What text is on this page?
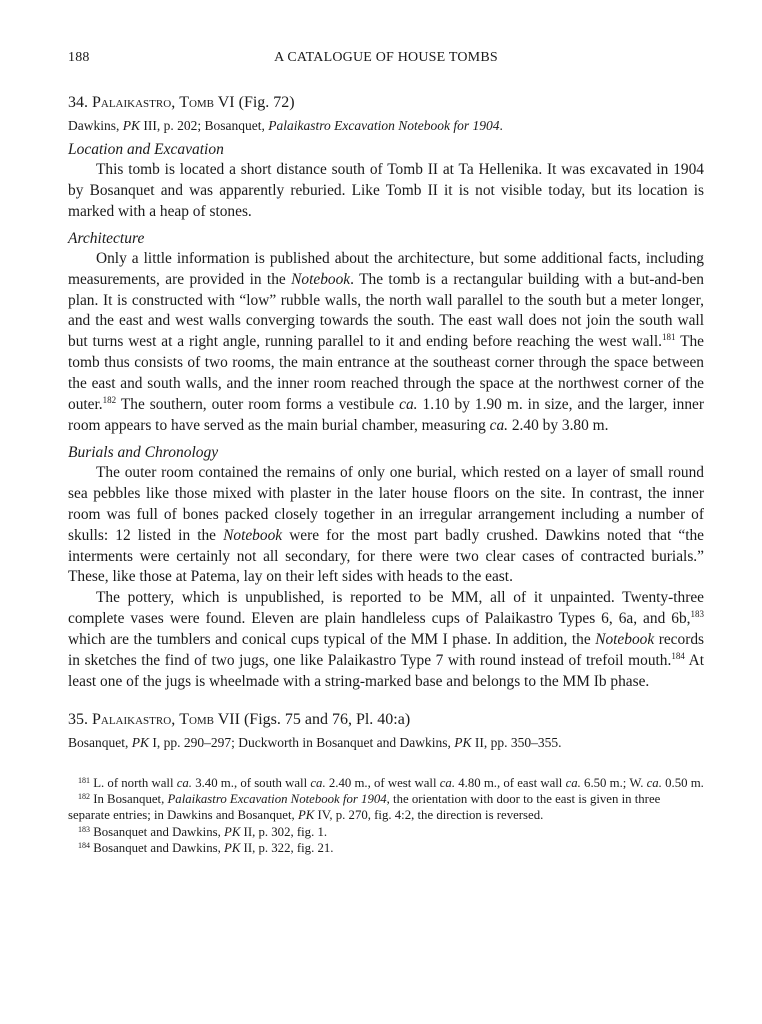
188	A CATALOGUE OF HOUSE TOMBS
34. Palaikastro, Tomb VI (Fig. 72)
Dawkins, PK III, p. 202; Bosanquet, Palaikastro Excavation Notebook for 1904.
Location and Excavation

This tomb is located a short distance south of Tomb II at Ta Hellenika. It was excavated in 1904 by Bosanquet and was apparently reburied. Like Tomb II it is not visible today, but its location is marked with a heap of stones.

Architecture

Only a little information is published about the architecture, but some additional facts, including measurements, are provided in the Notebook. The tomb is a rectangular building with a but-and-ben plan. It is constructed with “low” rubble walls, the north wall parallel to the south but a meter longer, and the east and west walls converging towards the south. The east wall does not join the south wall but turns west at a right angle, running parallel to it and ending before reaching the west wall.$^{181}$ The tomb thus consists of two rooms, the main entrance at the southeast corner through the space between the east and south walls, and the inner room reached through the space at the northwest corner of the outer.$^{182}$ The southern, outer room forms a vestibule ca. 1.10 by 1.90 m. in size, and the larger, inner room appears to have served as the main burial chamber, measuring ca. 2.40 by 3.80 m.

Burials and Chronology

The outer room contained the remains of only one burial, which rested on a layer of small round sea pebbles like those mixed with plaster in the later house floors on the site. In contrast, the inner room was full of bones packed closely together in an irregular arrangement including a number of skulls: 12 listed in the Notebook were for the most part badly crushed. Dawkins noted that “the interments were certainly not all secondary, for there were two clear cases of contracted burials.” These, like those at Patema, lay on their left sides with heads to the east.

The pottery, which is unpublished, is reported to be MM, all of it unpainted. Twenty-three complete vases were found. Eleven are plain handleless cups of Palaikastro Types 6, 6a, and 6b,$^{183}$ which are the tumblers and conical cups typical of the MM I phase. In addition, the Notebook records in sketches the find of two jugs, one like Palaikastro Type 7 with round instead of trefoil mouth.$^{184}$ At least one of the jugs is wheelmade with a string-marked base and belongs to the MM Ib phase.

35. Palaikastro, Tomb VII (Figs. 75 and 76, Pl. 40:a)
Bosanquet, PK I, pp. 290–297; Duckworth in Bosanquet and Dawkins, PK II, pp. 350–355.

$^{181}$ L. of north wall ca. 3.40 m., of south wall ca. 2.40 m., of west wall ca. 4.80 m., of east wall ca. 6.50 m.; W. ca. 0.50 m.

$^{182}$ In Bosanquet, Palaikastro Excavation Notebook for 1904, the orientation with door to the east is given in three separate entries; in Dawkins and Bosanquet, PK IV, p. 270, fig. 4:2, the direction is reversed.

$^{183}$ Bosanquet and Dawkins, PK II, p. 302, fig. 1.

$^{184}$ Bosanquet and Dawkins, PK II, p. 322, fig. 21.
